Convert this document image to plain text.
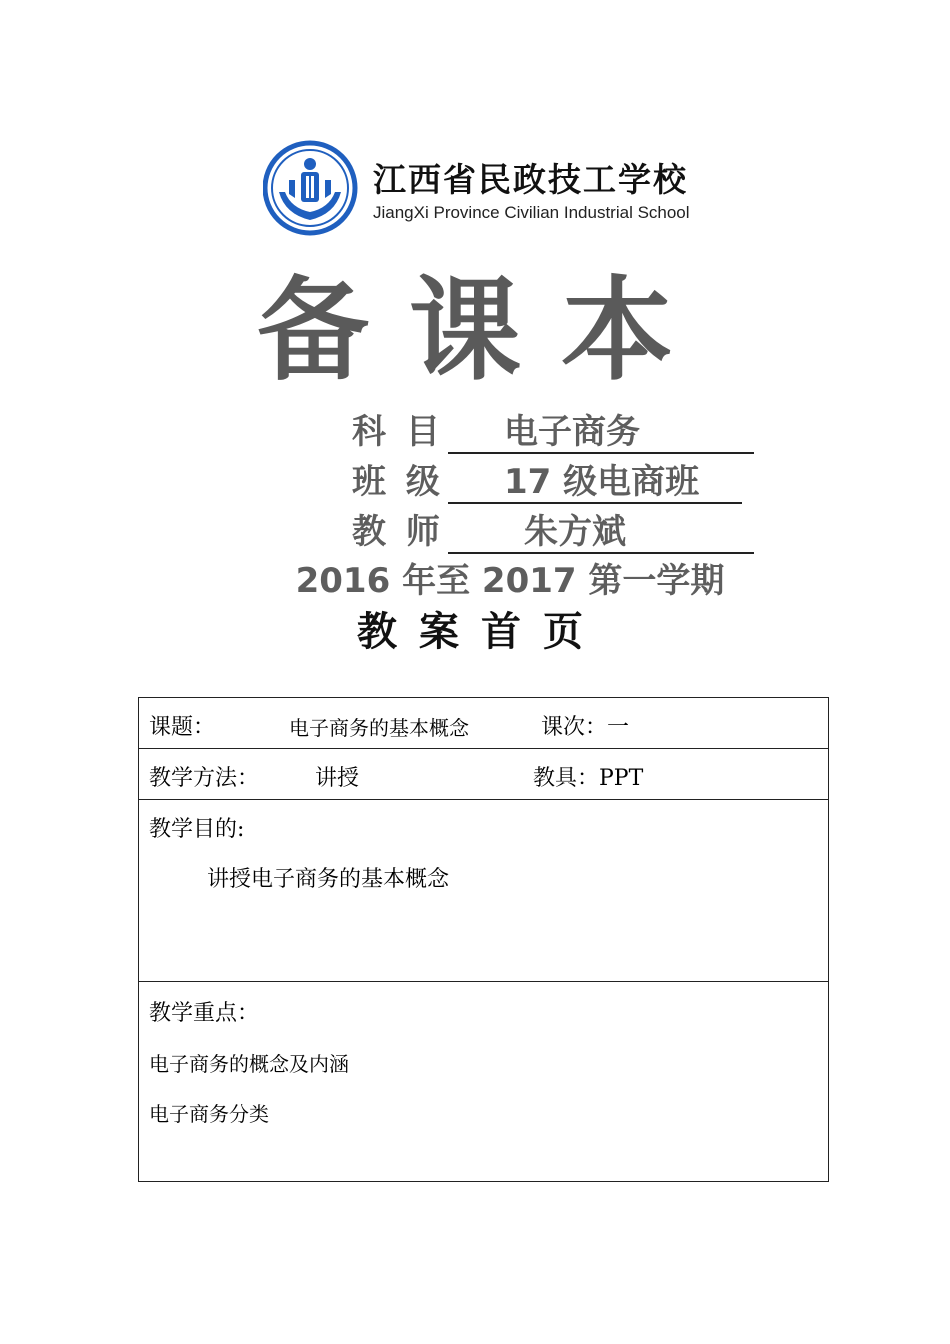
江西省民政技工学校
JiangXi Province Civilian Industrial School
备课本
科 目 电子商务
班 级 17 级电商班
教 师 朱方斌
2016 年至 2017 第一学期
教案首页
课题：	电子商务的基本概念	课次：一

教学方法：	讲授	教具：PPT

教学目的:
讲授电子商务的基本概念

教学重点：
电子商务的概念及内涵
电子商务分类
